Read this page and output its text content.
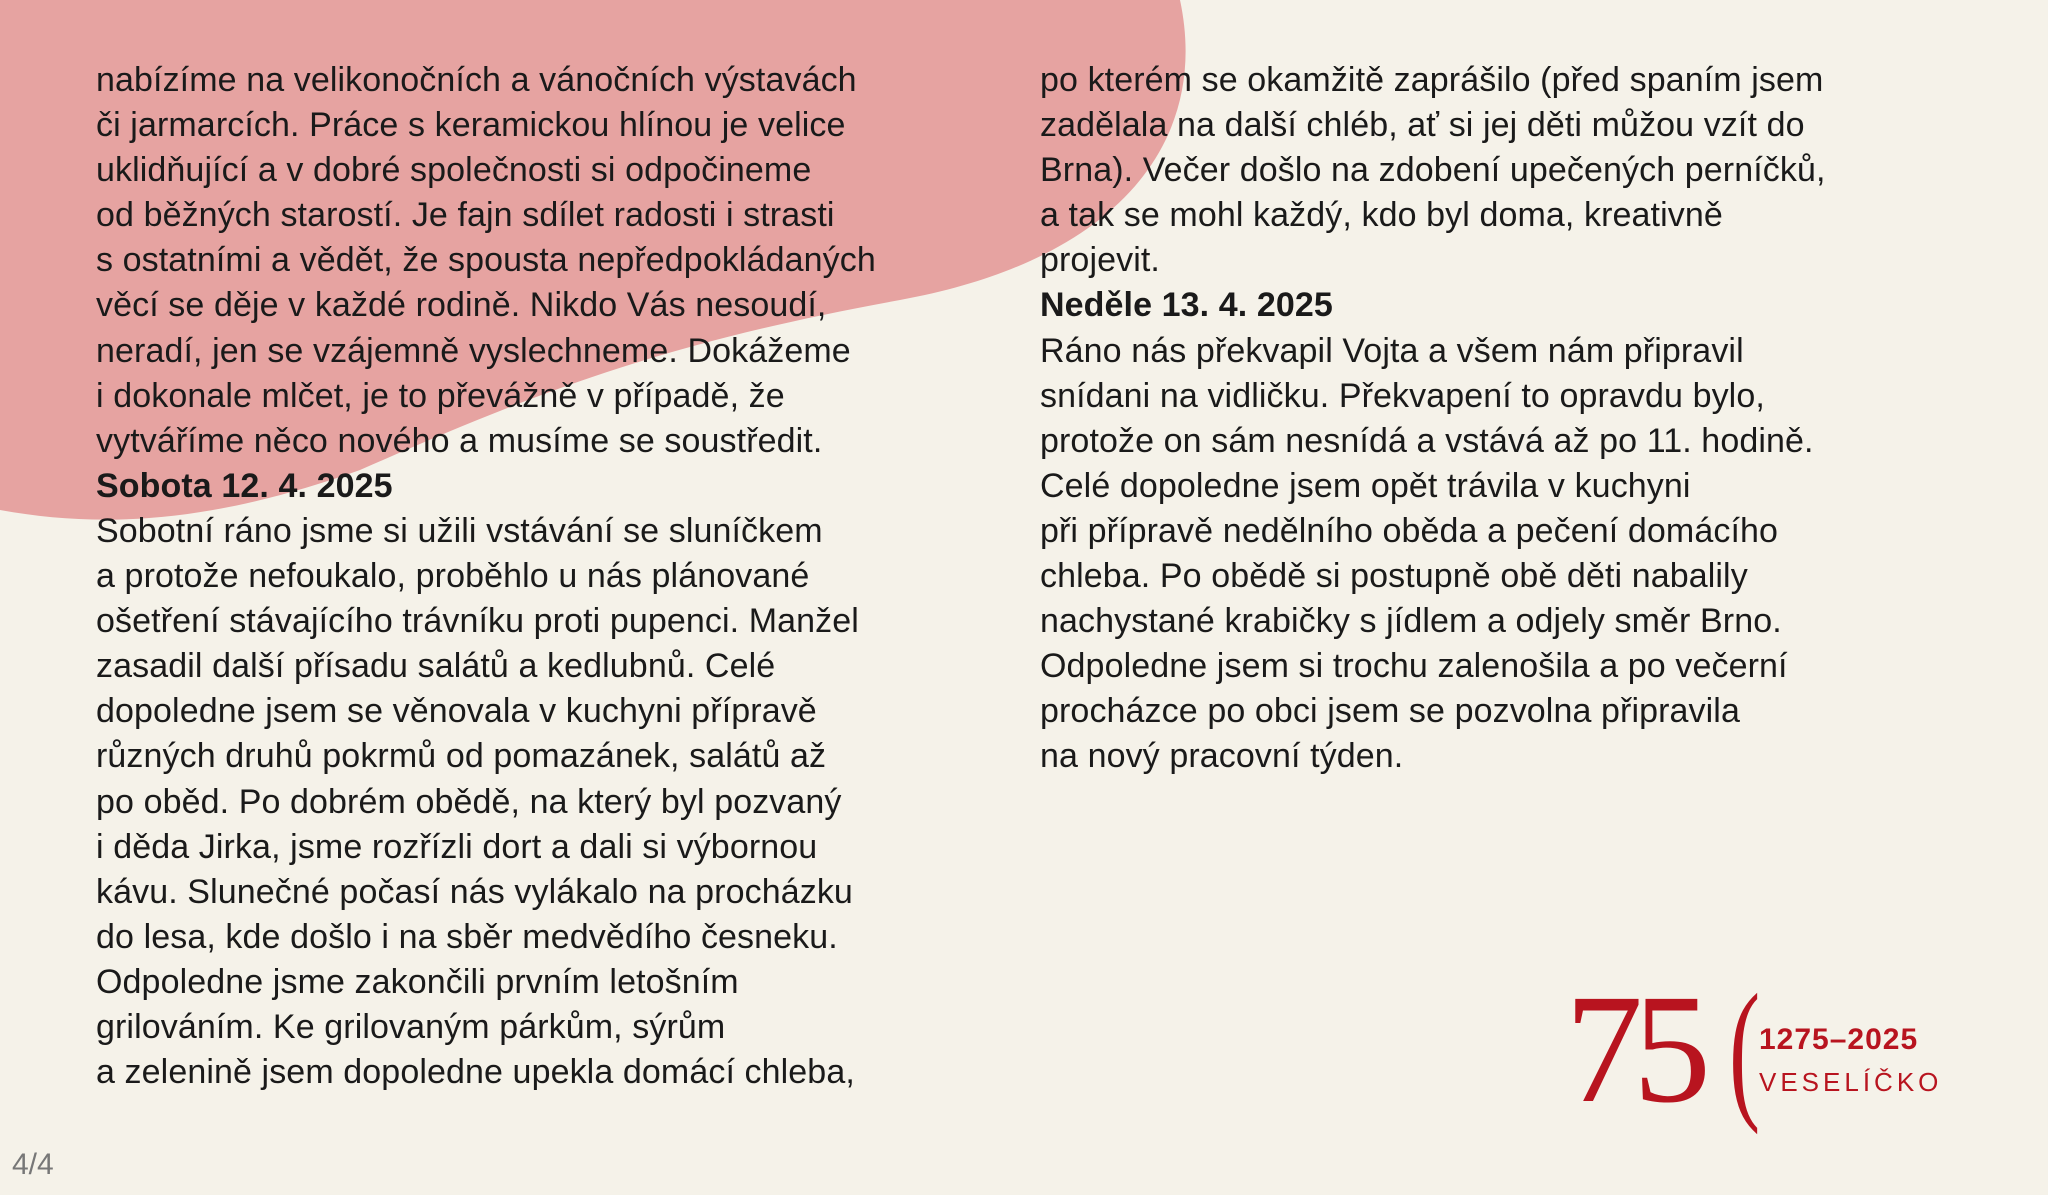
nabízíme na velikonočních a vánočních výstavách
či jarmarcích. Práce s keramickou hlínou je velice
uklidňující a v dobré společnosti si odpočineme
od běžných starostí. Je fajn sdílet radosti i strasti
s ostatními a vědět, že spousta nepředpokládaných
věcí se děje v každé rodině. Nikdo Vás nesoudí,
neradí, jen se vzájemně vyslechneme. Dokážeme
i dokonale mlčet, je to převážně v případě, že
vytváříme něco nového a musíme se soustředit.

Sobota 12. 4. 2025

Sobotní ráno jsme si užili vstávání se sluníčkem
a protože nefoukalo, proběhlo u nás plánované
ošetření stávajícího trávníku proti pupenci. Manžel
zasadil další přísadu salátů a kedlubnů. Celé
dopoledne jsem se věnovala v kuchyni přípravě
různých druhů pokrmů od pomazánek, salátů až
po oběd. Po dobrém obědě, na který byl pozvaný
i děda Jirka, jsme rozřízli dort a dali si výbornou
kávu. Slunečné počasí nás vylákalo na procházku
do lesa, kde došlo i na sběr medvědího česneku.
Odpoledne jsme zakončili prvním letošním
grilováním. Ke grilovaným párkům, sýrům
a zelenině jsem dopoledne upekla domácí chleba,

po kterém se okamžitě zaprášilo (před spaním jsem
zadělala na další chléb, ať si jej děti můžou vzít do
Brna). Večer došlo na zdobení upečených perníčků,
a tak se mohl každý, kdo byl doma, kreativně
projevit.

Neděle 13. 4. 2025

Ráno nás překvapil Vojta a všem nám připravil
snídani na vidličku. Překvapení to opravdu bylo,
protože on sám nesnídá a vstává až po 11. hodině.
Celé dopoledne jsem opět trávila v kuchyni
při přípravě nedělního oběda a pečení domácího
chleba. Po obědě si postupně obě děti nabalily
nachystané krabičky s jídlem a odjely směr Brno.
Odpoledne jsem si trochu zalenošila a po večerní
procházce po obci jsem se pozvolna připravila
na nový pracovní týden.

4/4
75 (
1275–2025
VESELÍČKO
